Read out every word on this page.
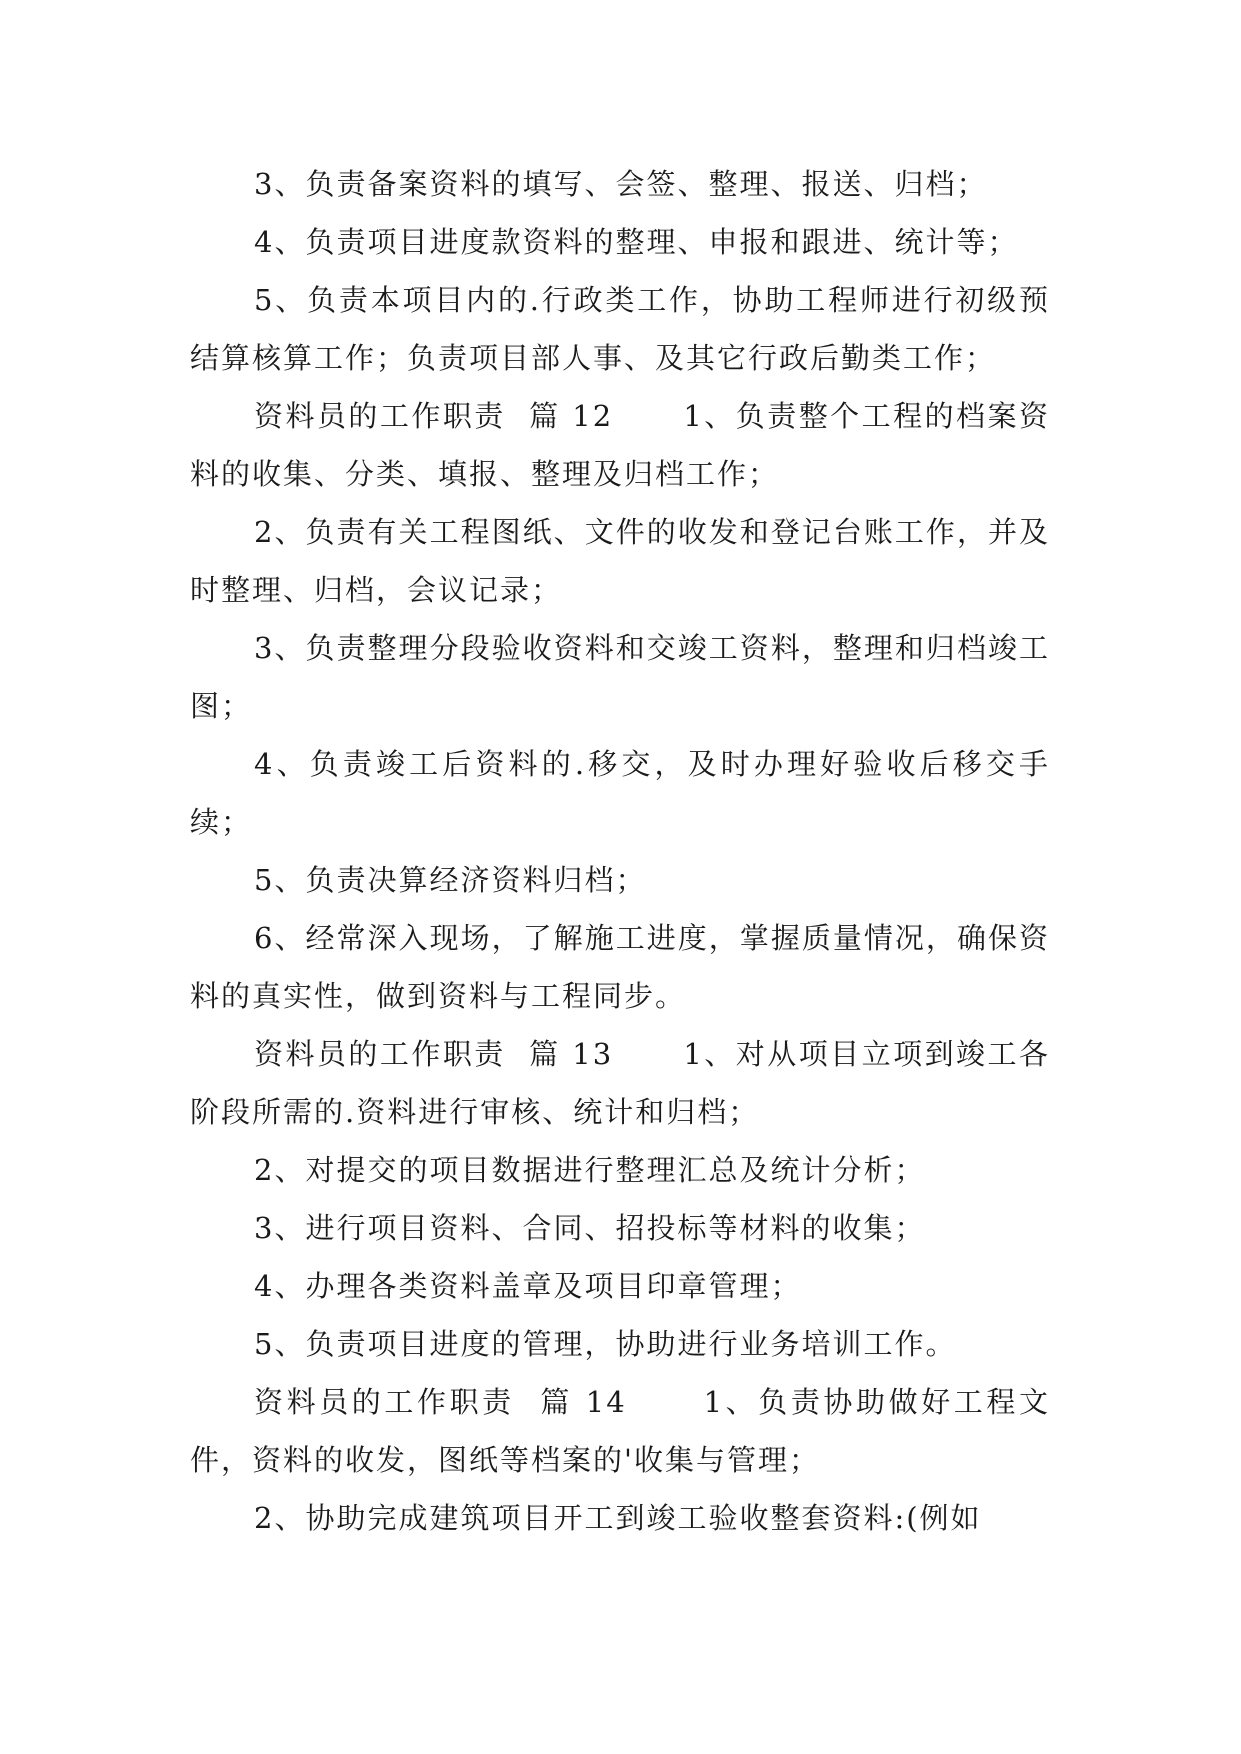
3、负责备案资料的填写、会签、整理、报送、归档；

4、负责项目进度款资料的整理、申报和跟进、统计等；

5、负责本项目内的.行政类工作，协助工程师进行初级预结算核算工作；负责项目部人事、及其它行政后勤类工作；

资料员的工作职责  篇 12      1、负责整个工程的档案资料的收集、分类、填报、整理及归档工作；

2、负责有关工程图纸、文件的收发和登记台账工作，并及时整理、归档，会议记录；

3、负责整理分段验收资料和交竣工资料，整理和归档竣工图；

4、负责竣工后资料的.移交，及时办理好验收后移交手续；

5、负责决算经济资料归档；

6、经常深入现场，了解施工进度，掌握质量情况，确保资料的真实性，做到资料与工程同步。

资料员的工作职责  篇 13      1、对从项目立项到竣工各阶段所需的.资料进行审核、统计和归档；

2、对提交的项目数据进行整理汇总及统计分析；

3、进行项目资料、合同、招投标等材料的收集；

4、办理各类资料盖章及项目印章管理；

5、负责项目进度的管理，协助进行业务培训工作。

资料员的工作职责  篇 14      1、负责协助做好工程文件，资料的收发，图纸等档案的'收集与管理；

2、协助完成建筑项目开工到竣工验收整套资料:(例如
